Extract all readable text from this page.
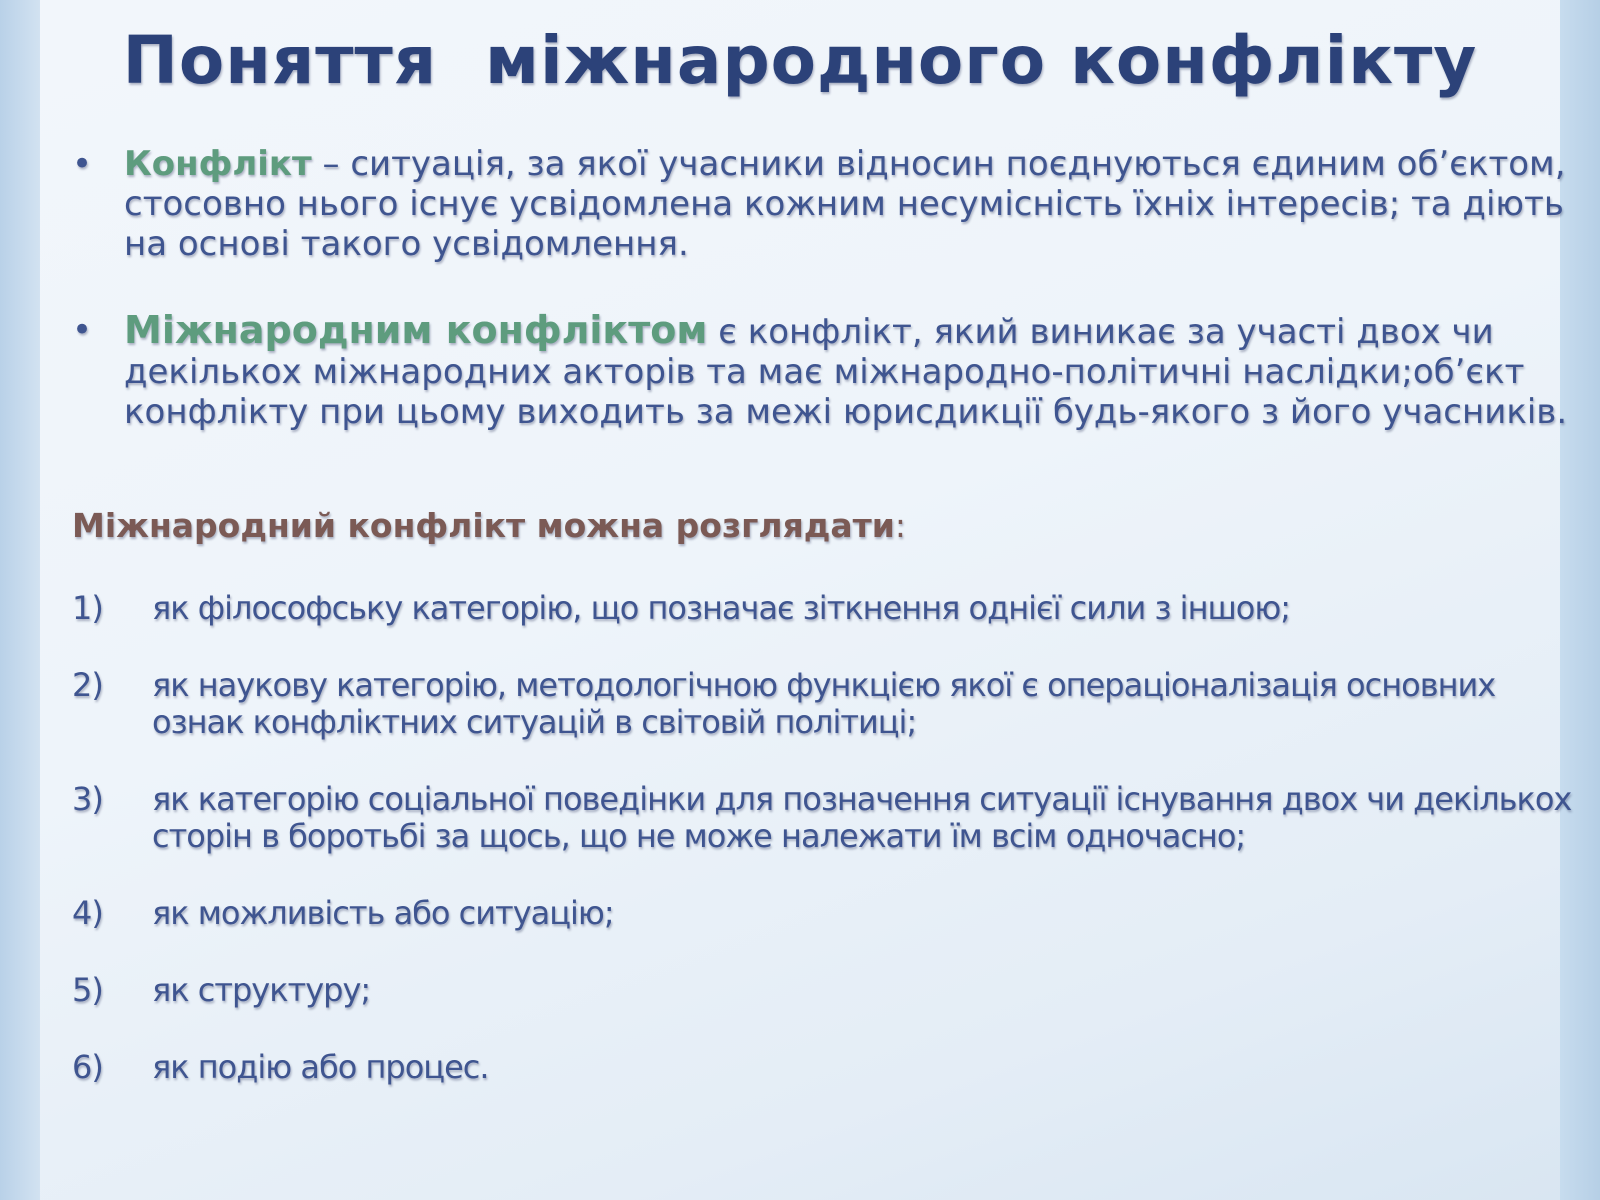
Поняття  міжнародного конфлікту
• Конфлікт – ситуація, за якої учасники відносин поєднуються єдиним об’єктом, стосовно нього існує усвідомлена кожним несумісність їхніх інтересів; та діють на основі такого усвідомлення.
• Міжнародним конфліктом є конфлікт, який виникає за участі двох чи декількох міжнародних акторів та має міжнародно-політичні наслідки;об’єкт конфлікту при цьому виходить за межі юрисдикції будь-якого з його учасників.
Міжнародний конфлікт можна розглядати:
1) як філософську категорію, що позначає зіткнення однієї сили з іншою;
2) як наукову категорію, методологічною функцією якої є операціоналізація основних ознак конфліктних ситуацій в світовій політиці;
3) як категорію соціальної поведінки для позначення ситуації існування двох чи декількох сторін в боротьбі за щось, що не може належати їм всім одночасно;
4) як можливість або ситуацію;
5) як структуру;
6) як подію або процес.
